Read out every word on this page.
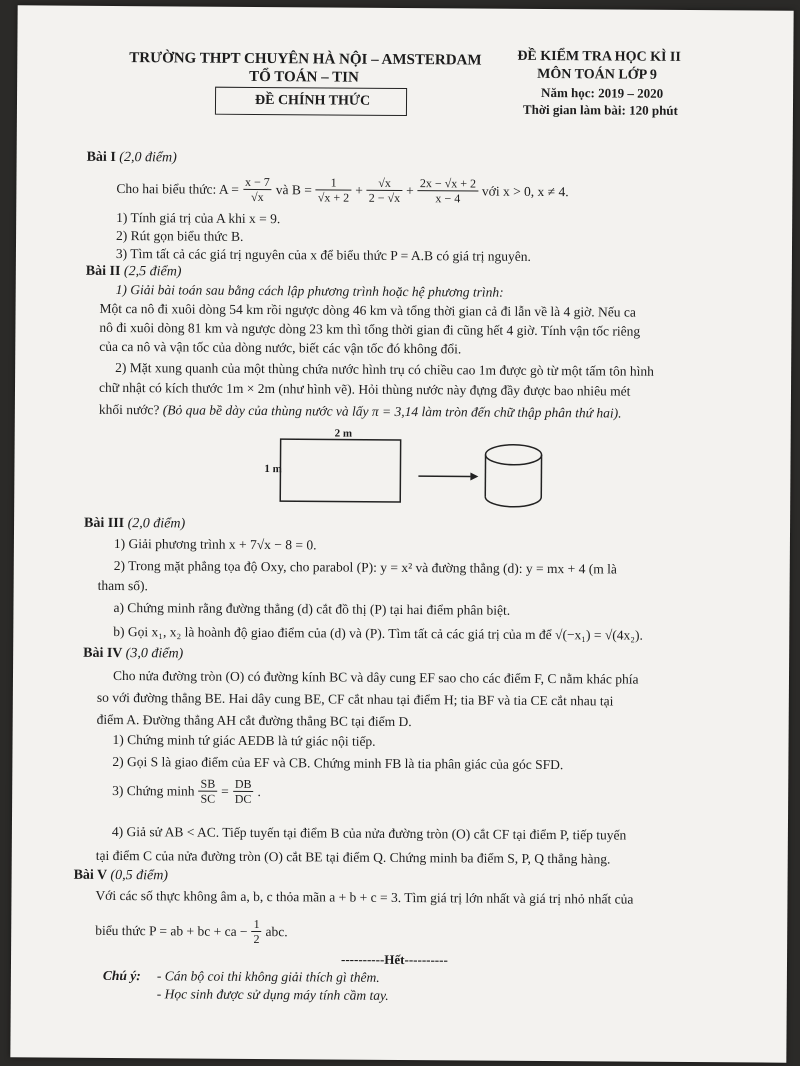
TRƯỜNG THPT CHUYÊN HÀ NỘI – AMSTERDAM
TỔ TOÁN – TIN
ĐỀ CHÍNH THỨC
ĐỀ KIỂM TRA HỌC KÌ II
MÔN TOÁN LỚP 9
Năm học: 2019 – 2020
Thời gian làm bài: 120 phút
Bài I (2,0 điểm)
Cho hai biểu thức: $A = \frac{x - 7}{√x}$ và $B = \frac{1}{√x + 2} + \frac{√x}{2 - √x} + \frac{2x - √x + 2}{x - 4}$ với x > 0, x ≠ 4.
1) Tính giá trị của A khi x = 9.
2) Rút gọn biểu thức B.
3) Tìm tất cả các giá trị nguyên của x để biểu thức P = A.B có giá trị nguyên.
Bài II (2,5 điểm)
1) Giải bài toán sau bằng cách lập phương trình hoặc hệ phương trình:
Một ca nô đi xuôi dòng 54 km rồi ngược dòng 46 km và tổng thời gian cả đi lẫn về là 4 giờ. Nếu ca
nô đi xuôi dòng 81 km và ngược dòng 23 km thì tổng thời gian đi cũng hết 4 giờ. Tính vận tốc riêng
của ca nô và vận tốc của dòng nước, biết các vận tốc đó không đổi.
2) Mặt xung quanh của một thùng chứa nước hình trụ có chiều cao 1m được gò từ một tấm tôn hình
chữ nhật có kích thước 1m × 2m (như hình vẽ). Hỏi thùng nước này đựng đầy được bao nhiêu mét
khối nước? (Bỏ qua bề dày của thùng nước và lấy π = 3,14 làm tròn đến chữ thập phân thứ hai).
2 m
1 m
Bài III (2,0 điểm)
1) Giải phương trình x + 7√x − 8 = 0.
2) Trong mặt phẳng tọa độ Oxy, cho parabol (P): y = x² và đường thẳng (d): y = mx + 4 (m là
tham số).
a) Chứng minh rằng đường thẳng (d) cắt đồ thị (P) tại hai điểm phân biệt.
b) Gọi x₁, x₂ là hoành độ giao điểm của (d) và (P). Tìm tất cả các giá trị của m để √(−x₁) = √(4x₂).
Bài IV (3,0 điểm)
Cho nửa đường tròn (O) có đường kính BC và dây cung EF sao cho các điểm F, C nằm khác phía
so với đường thẳng BE. Hai dây cung BE, CF cắt nhau tại điểm H; tia BF và tia CE cắt nhau tại
điểm A. Đường thẳng AH cắt đường thẳng BC tại điểm D.
1) Chứng minh tứ giác AEDB là tứ giác nội tiếp.
2) Gọi S là giao điểm của EF và CB. Chứng minh FB là tia phân giác của góc SFD.
3) Chứng minh $\frac{SB}{SC} = \frac{DB}{DC}$ .
4) Giả sử AB < AC. Tiếp tuyến tại điểm B của nửa đường tròn (O) cắt CF tại điểm P, tiếp tuyến
tại điểm C của nửa đường tròn (O) cắt BE tại điểm Q. Chứng minh ba điểm S, P, Q thẳng hàng.
Bài V (0,5 điểm)
Với các số thực không âm a, b, c thỏa mãn a + b + c = 3. Tìm giá trị lớn nhất và giá trị nhỏ nhất của
biểu thức P = ab + bc + ca − $\frac{1}{2}$ abc.
----------Hết----------
Chú ý: - Cán bộ coi thi không giải thích gì thêm.
- Học sinh được sử dụng máy tính cầm tay.
